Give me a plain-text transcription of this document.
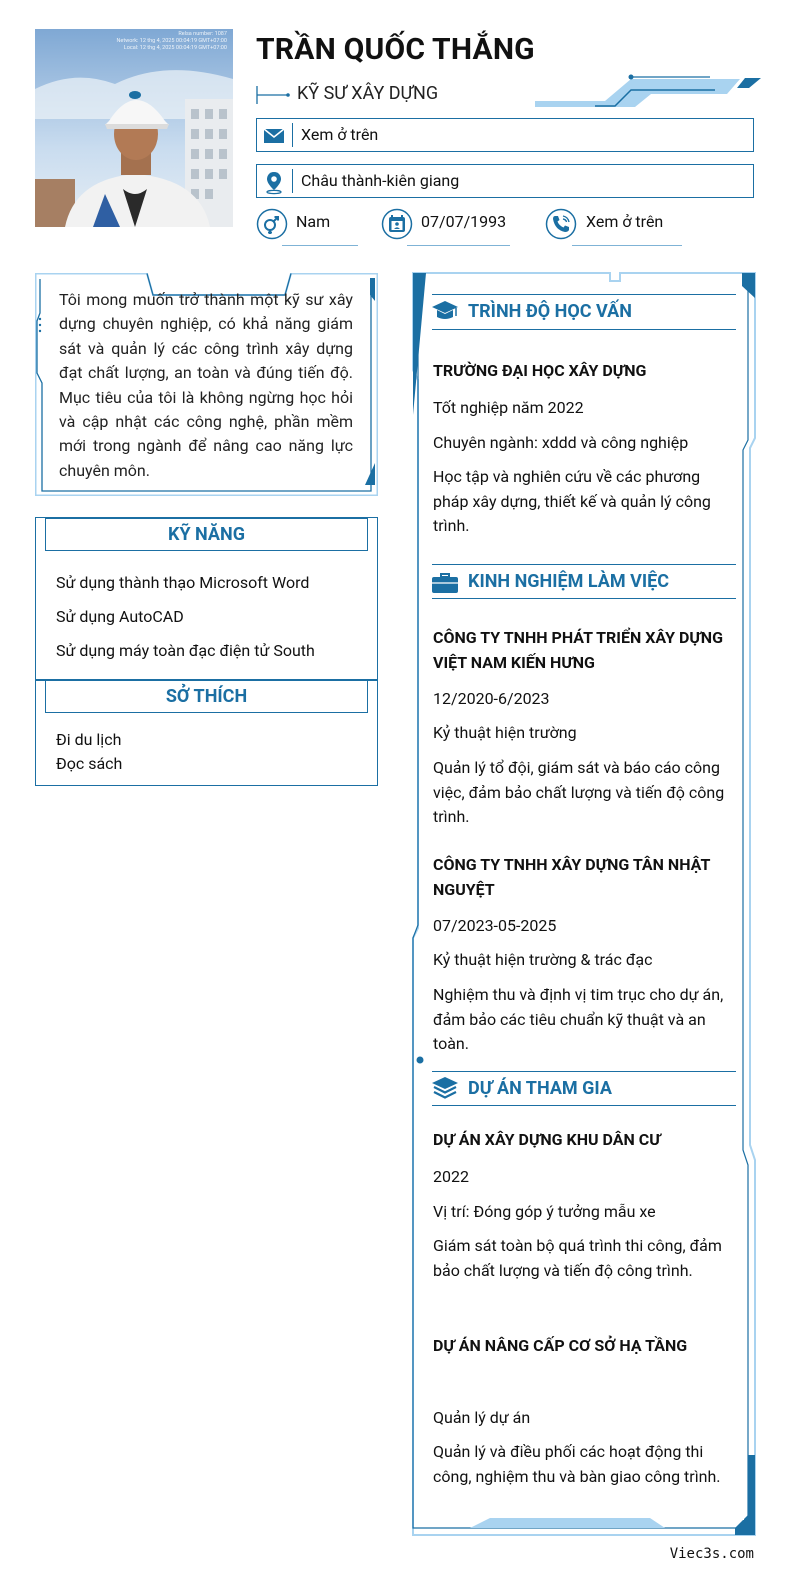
Relsa number: 1087
Network: 12 thg 4, 2025 00:04:19 GMT+07:00
Local: 12 thg 4, 2025 00:04:19 GMT+07:00 TRẦN QUỐC THẮNG
KỸ SƯ XÂY DỰNG
Xem ở trên
Châu thành-kiên giang
Nam	07/07/1993	Xem ở trên
Tôi mong muốn trở thành một kỹ sư xây dựng chuyên nghiệp, có khả năng giám sát và quản lý các công trình xây dựng đạt chất lượng, an toàn và đúng tiến độ. Mục tiêu của tôi là không ngừng học hỏi và cập nhật các công nghệ, phần mềm mới trong ngành để nâng cao năng lực chuyên môn.
KỸ NĂNG
Sử dụng thành thạo Microsoft Word
Sử dụng AutoCAD
Sử dụng máy toàn đạc điện tử South
SỞ THÍCH
Đi du lịch
Đọc sách
TRÌNH ĐỘ HỌC VẤN
TRƯỜNG ĐẠI HỌC XÂY DỰNG
Tốt nghiệp năm 2022
Chuyên ngành: xddd và công nghiệp
Học tập và nghiên cứu về các phương pháp xây dựng, thiết kế và quản lý công trình.
KINH NGHIỆM LÀM VIỆC
CÔNG TY TNHH PHÁT TRIỂN XÂY DỰNG VIỆT NAM KIẾN HƯNG
12/2020-6/2023
Kỷ thuật hiện trường
Quản lý tổ đội, giám sát và báo cáo công việc, đảm bảo chất lượng và tiến độ công trình.
CÔNG TY TNHH XÂY DỰNG TÂN NHẬT NGUYỆT
07/2023-05-2025
Kỷ thuật hiện trường & trác đạc
Nghiệm thu và định vị tim trục cho dự án, đảm bảo các tiêu chuẩn kỹ thuật và an toàn.
DỰ ÁN THAM GIA
DỰ ÁN XÂY DỰNG KHU DÂN CƯ
2022
Vị trí: Đóng góp ý tưởng mẫu xe
Giám sát toàn bộ quá trình thi công, đảm bảo chất lượng và tiến độ công trình.
DỰ ÁN NÂNG CẤP CƠ SỞ HẠ TẦNG
Quản lý dự án
Quản lý và điều phối các hoạt động thi công, nghiệm thu và bàn giao công trình.
Viec3s.com
